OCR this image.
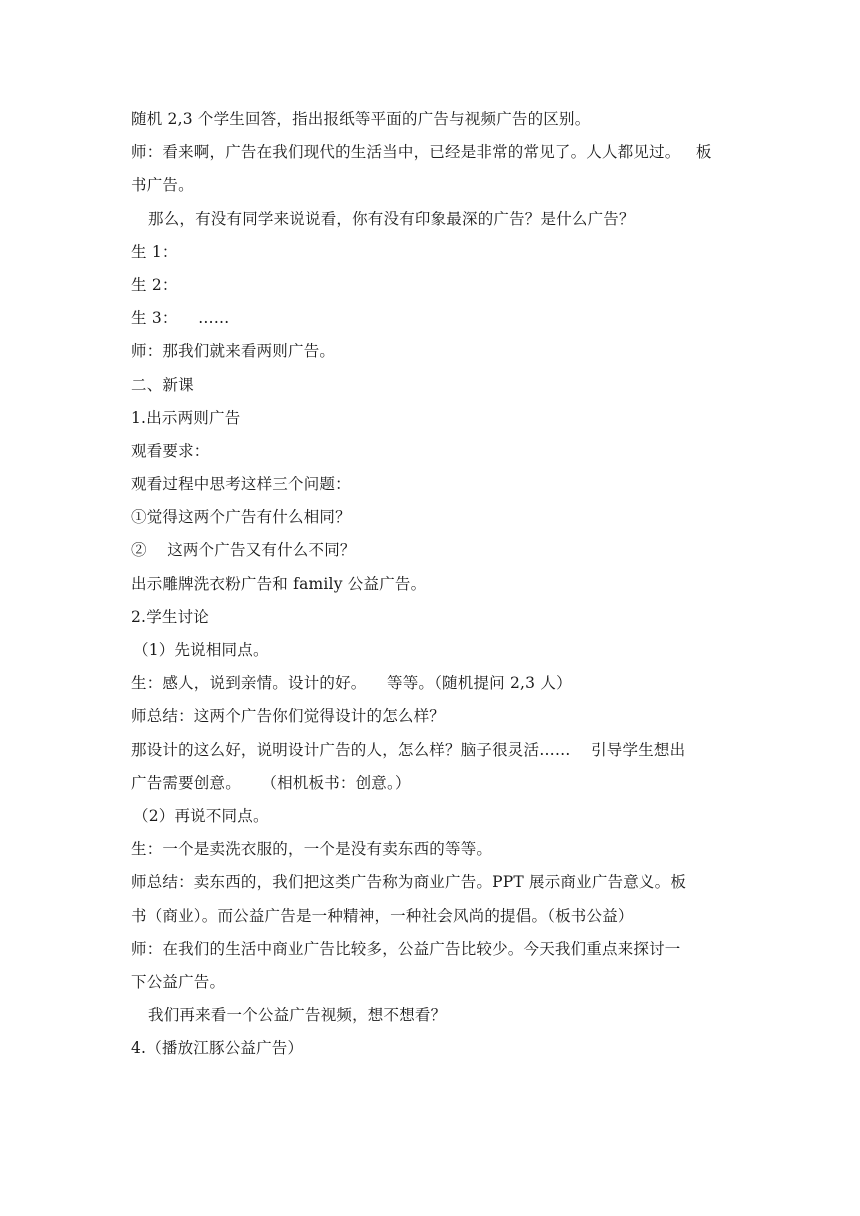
随机 2,3 个学生回答，指出报纸等平面的广告与视频广告的区别。
师：看来啊，广告在我们现代的生活当中，已经是非常的常见了。人人都见过。   板
书广告。
那么，有没有同学来说说看，你有没有印象最深的广告？是什么广告？
生 1：
生 2：
生 3：    ……
师：那我们就来看两则广告。
二、新课
1.出示两则广告
观看要求：
观看过程中思考这样三个问题：
①觉得这两个广告有什么相同？
②    这两个广告又有什么不同？
出示雕牌洗衣粉广告和 family 公益广告。
2.学生讨论
（1）先说相同点。
生：感人，说到亲情。设计的好。    等等。（随机提问 2,3 人）
师总结：这两个广告你们觉得设计的怎么样？
那设计的这么好，说明设计广告的人，怎么样？脑子很灵活……    引导学生想出
广告需要创意。    （相机板书：创意。）
（2）再说不同点。
生：一个是卖洗衣服的，一个是没有卖东西的等等。
师总结：卖东西的，我们把这类广告称为商业广告。PPT 展示商业广告意义。板
书（商业）。而公益广告是一种精神，一种社会风尚的提倡。（板书公益）
师：在我们的生活中商业广告比较多，公益广告比较少。今天我们重点来探讨一
下公益广告。
我们再来看一个公益广告视频，想不想看？
4.（播放江豚公益广告）
